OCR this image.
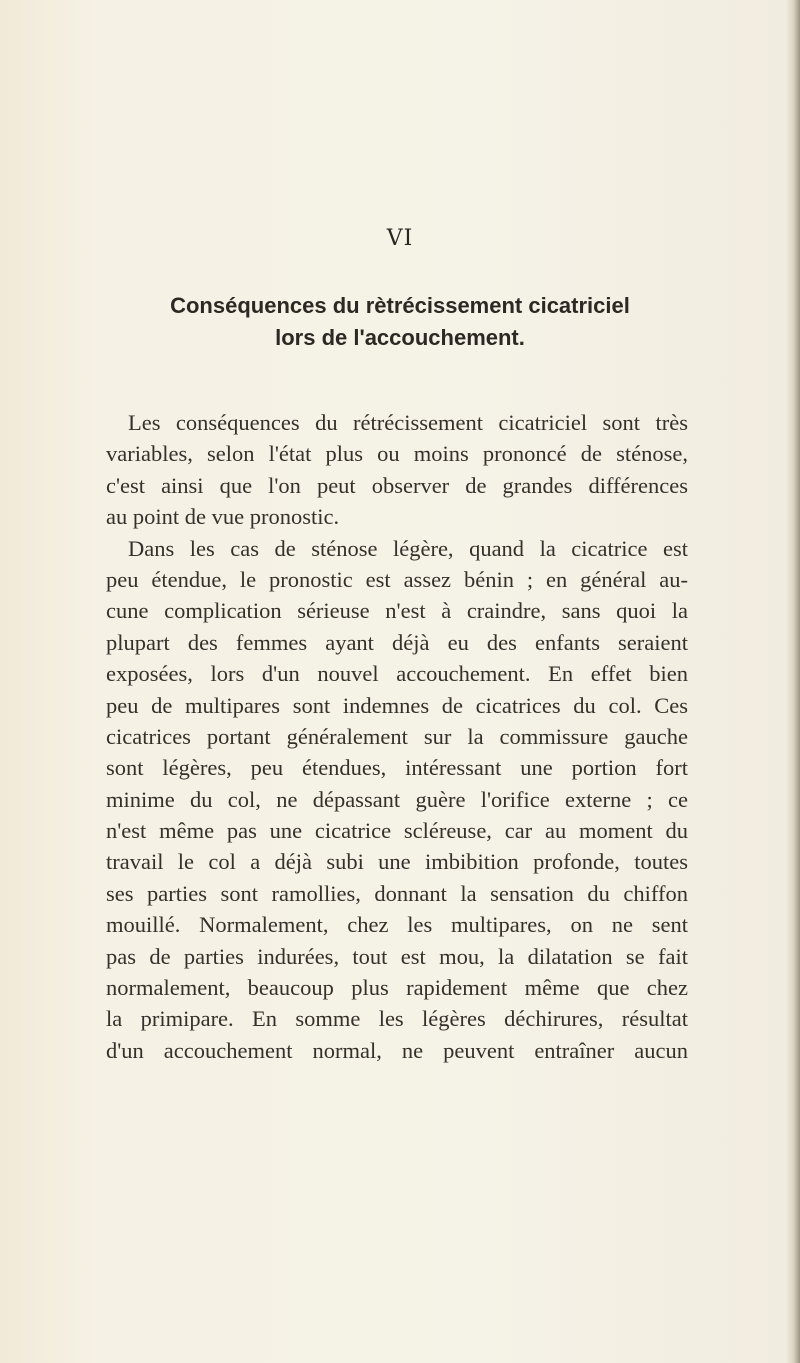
VI
Conséquences du rètrécissement cicatriciel
lors de l'accouchement.
Les conséquences du rétrécissement cicatriciel sont très
variables, selon l'état plus ou moins prononcé de sténose,
c'est ainsi que l'on peut observer de grandes différences
au point de vue pronostic.
Dans les cas de sténose légère, quand la cicatrice est
peu étendue, le pronostic est assez bénin ; en général au-
cune complication sérieuse n'est à craindre, sans quoi la
plupart des femmes ayant déjà eu des enfants seraient
exposées, lors d'un nouvel accouchement. En effet bien
peu de multipares sont indemnes de cicatrices du col. Ces
cicatrices portant généralement sur la commissure gauche
sont légères, peu étendues, intéressant une portion fort
minime du col, ne dépassant guère l'orifice externe ; ce
n'est même pas une cicatrice scléreuse, car au moment du
travail le col a déjà subi une imbibition profonde, toutes
ses parties sont ramollies, donnant la sensation du chiffon
mouillé. Normalement, chez les multipares, on ne sent
pas de parties indurées, tout est mou, la dilatation se fait
normalement, beaucoup plus rapidement même que chez
la primipare. En somme les légères déchirures, résultat
d'un accouchement normal, ne peuvent entraîner aucun
